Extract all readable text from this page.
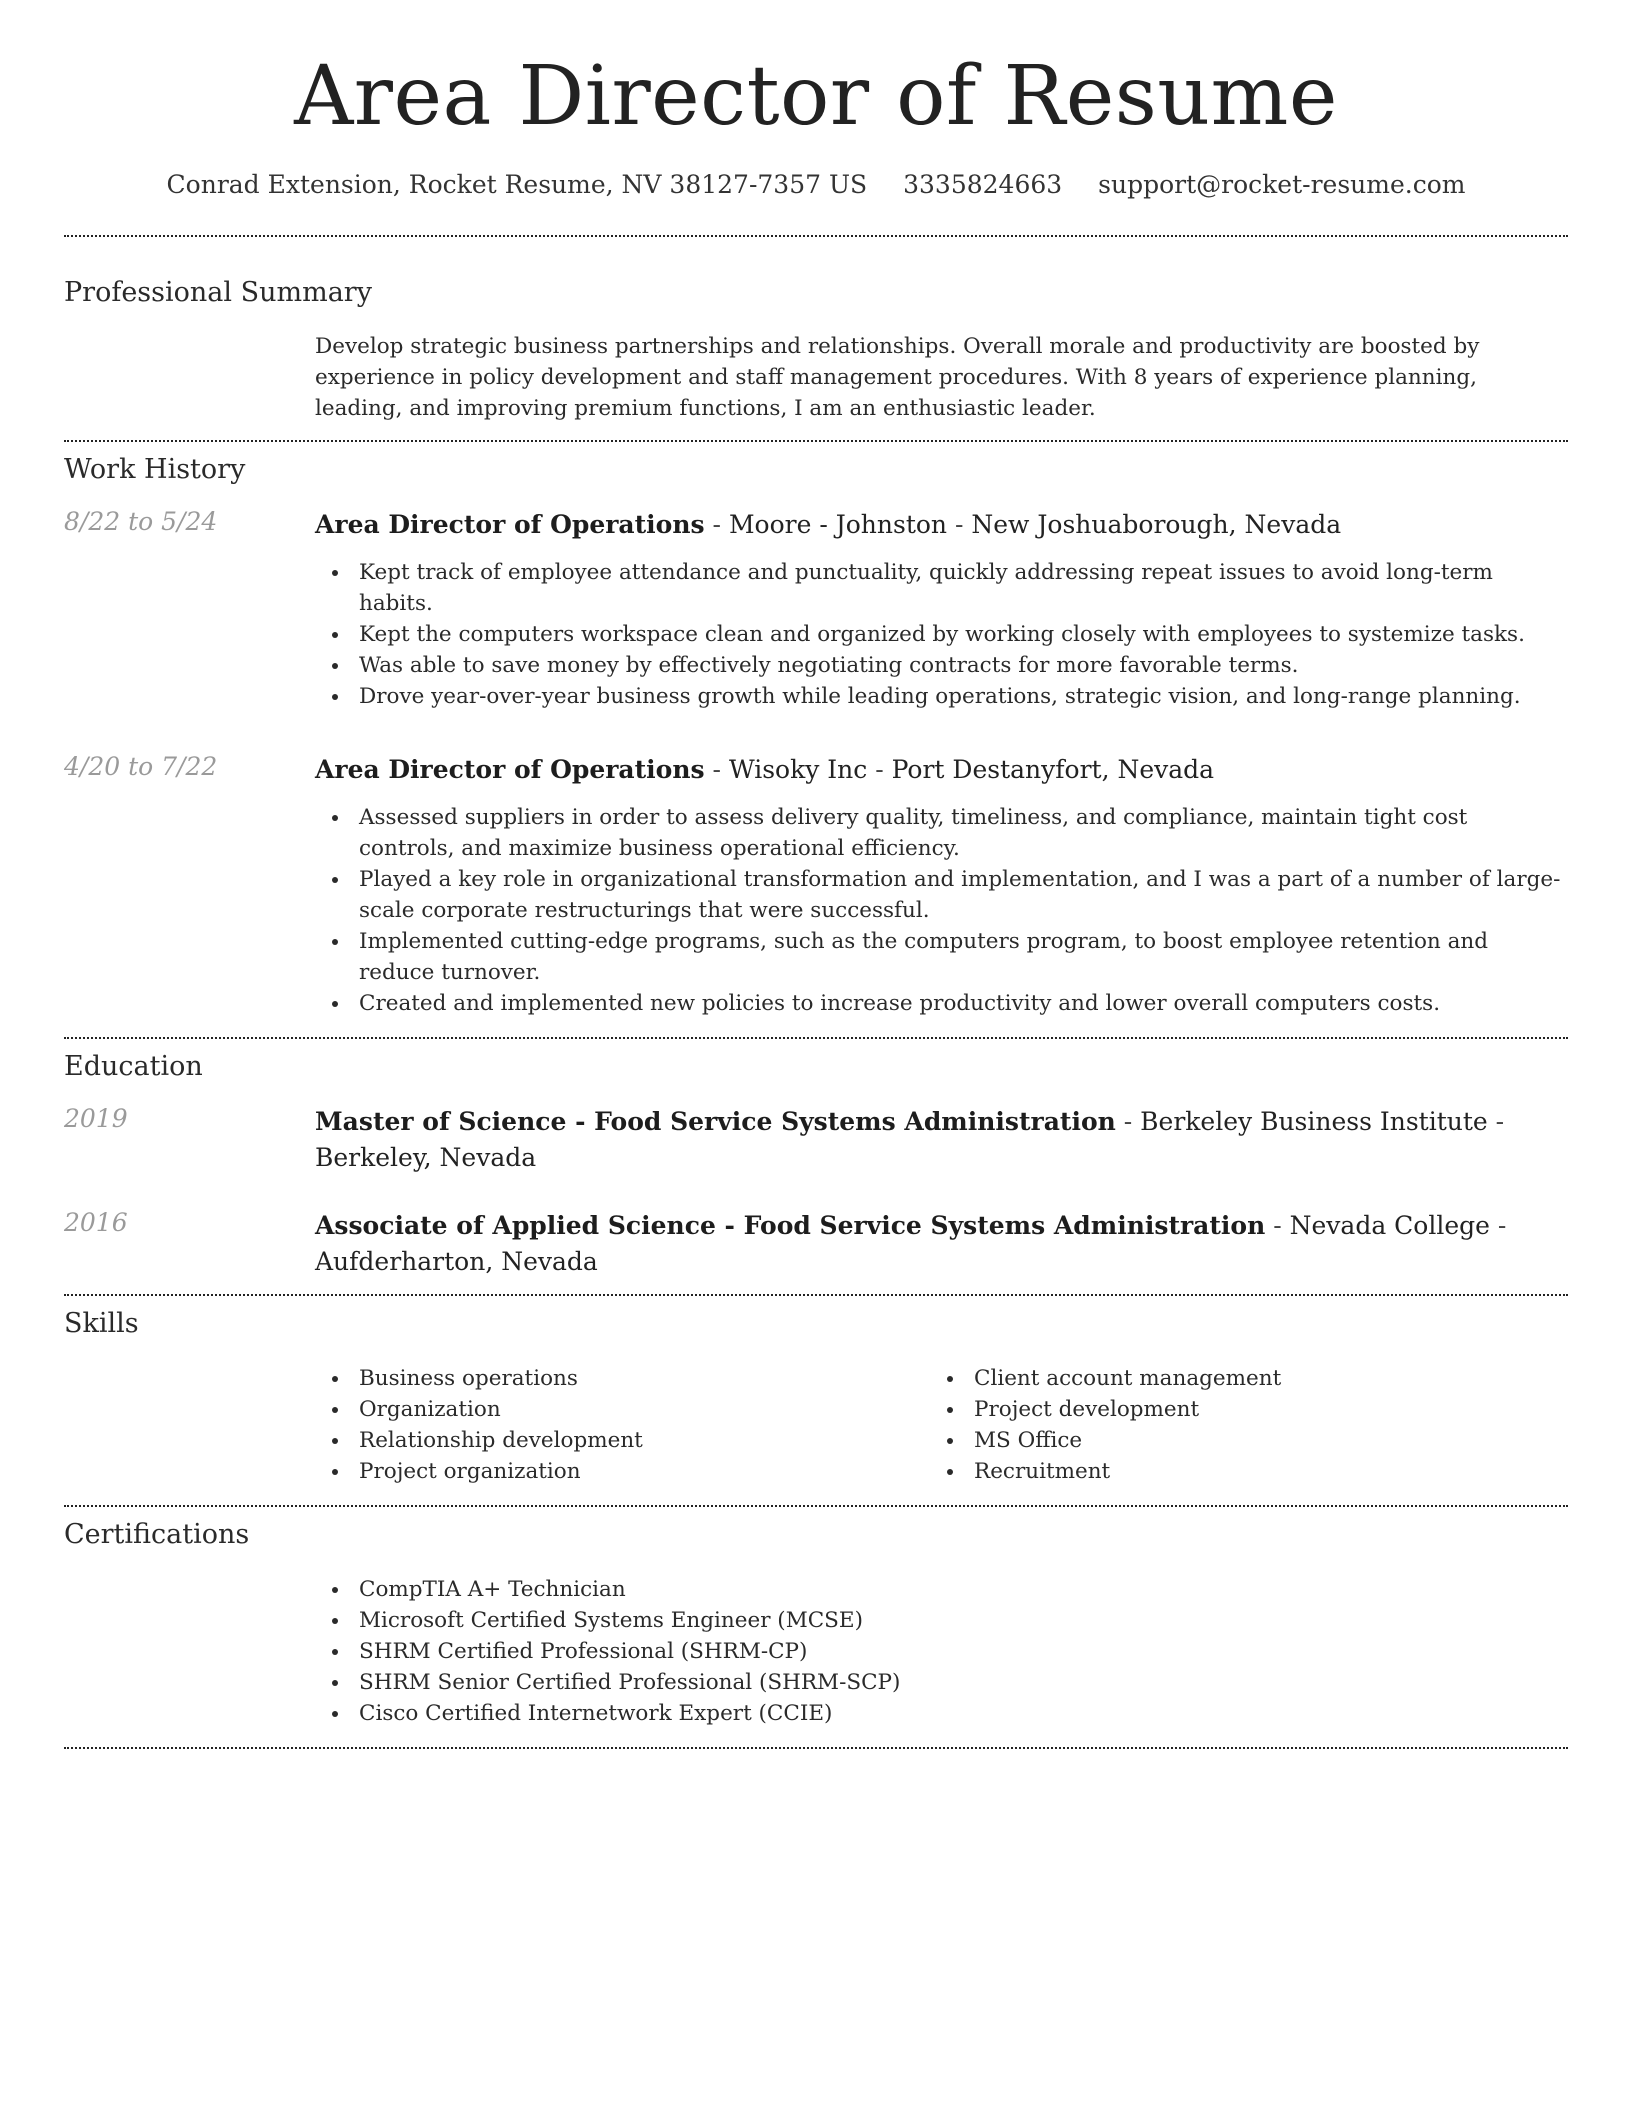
Area Director of Resume
Conrad Extension, Rocket Resume, NV 38127-7357 US 3335824663 support@rocket-resume.com
Professional Summary
Develop strategic business partnerships and relationships. Overall morale and productivity are boosted by experience in policy development and staff management procedures. With 8 years of experience planning, leading, and improving premium functions, I am an enthusiastic leader.
Work History
8/22 to 5/24	Area Director of Operations - Moore - Johnston - New Joshuaborough, Nevada
Kept track of employee attendance and punctuality, quickly addressing repeat issues to avoid long-term habits.
Kept the computers workspace clean and organized by working closely with employees to systemize tasks.
Was able to save money by effectively negotiating contracts for more favorable terms.
Drove year-over-year business growth while leading operations, strategic vision, and long-range planning.
4/20 to 7/22	Area Director of Operations - Wisoky Inc - Port Destanyfort, Nevada
Assessed suppliers in order to assess delivery quality, timeliness, and compliance, maintain tight cost controls, and maximize business operational efficiency.
Played a key role in organizational transformation and implementation, and I was a part of a number of large-scale corporate restructurings that were successful.
Implemented cutting-edge programs, such as the computers program, to boost employee retention and reduce turnover.
Created and implemented new policies to increase productivity and lower overall computers costs.
Education
2019	Master of Science - Food Service Systems Administration - Berkeley Business Institute - Berkeley, Nevada
2016	Associate of Applied Science - Food Service Systems Administration - Nevada College - Aufderharton, Nevada
Skills
Business operations
Organization
Relationship development
Project organization
Client account management
Project development
MS Office
Recruitment
Certifications
CompTIA A+ Technician
Microsoft Certified Systems Engineer (MCSE)
SHRM Certified Professional (SHRM-CP)
SHRM Senior Certified Professional (SHRM-SCP)
Cisco Certified Internetwork Expert (CCIE)
